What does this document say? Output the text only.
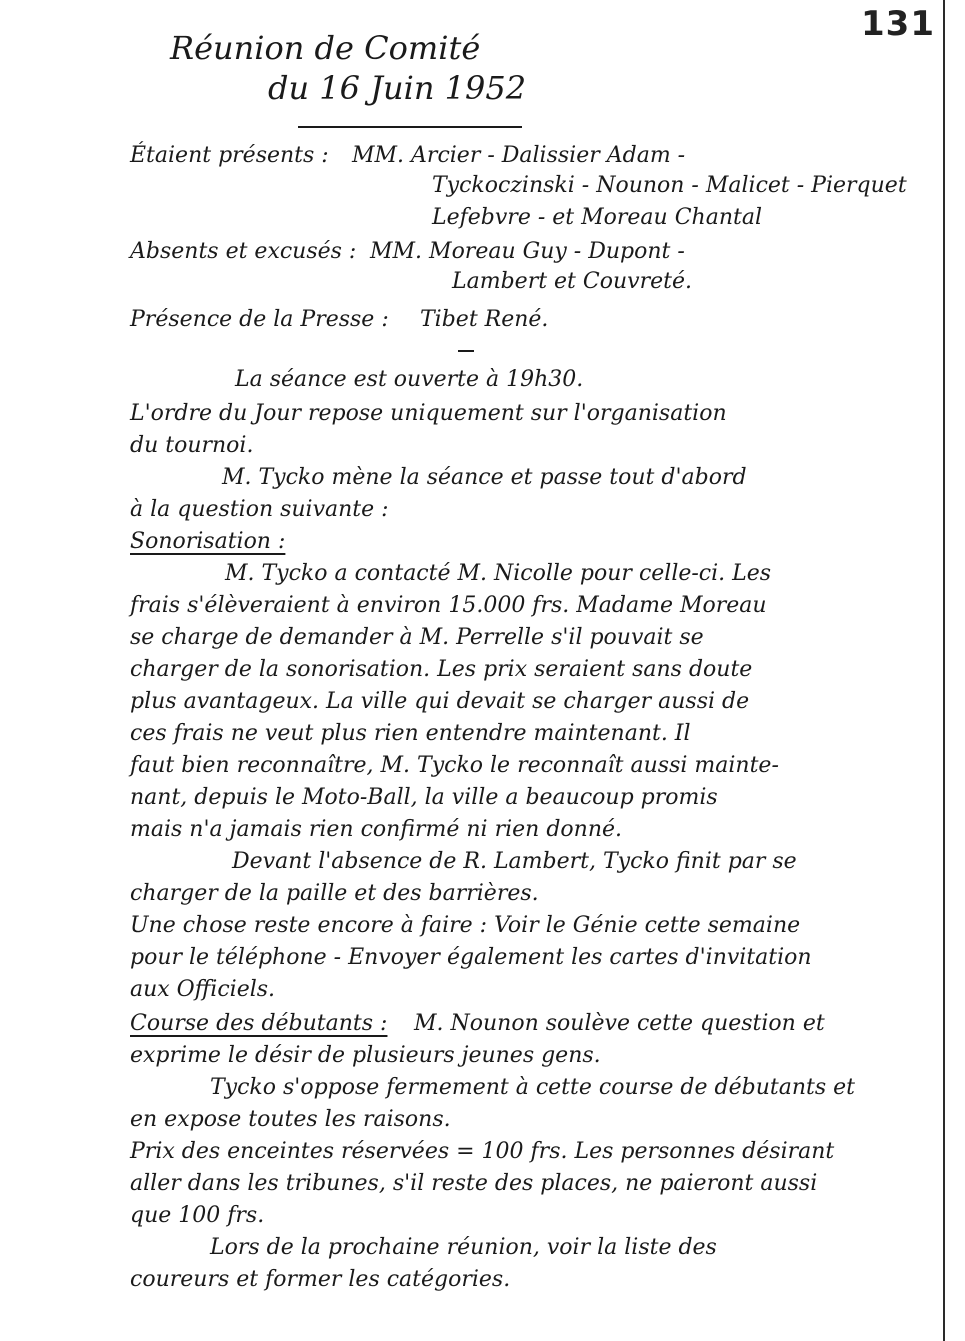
131
Réunion de Comité
du 16 Juin 1952
Étaient présents : MM. Arcier - Dalissier Adam -
Tyckoczinski - Nounon - Malicet - Pierquet
Lefebvre - et Moreau Chantal
Absents et excusés : MM. Moreau Guy - Dupont -
Lambert et Couvreté.
Présence de la Presse : Tibet René.
La séance est ouverte à 19h30.
L'ordre du Jour repose uniquement sur l'organisation
du tournoi.
M. Tycko mène la séance et passe tout d'abord
à la question suivante :
Sonorisation :
M. Tycko a contacté M. Nicolle pour celle-ci. Les
frais s'élèveraient à environ 15.000 frs. Madame Moreau
se charge de demander à M. Perrelle s'il pouvait se
charger de la sonorisation. Les prix seraient sans doute
plus avantageux. La ville qui devait se charger aussi de
ces frais ne veut plus rien entendre maintenant. Il
faut bien reconnaître, M. Tycko le reconnaît aussi mainte-
nant, depuis le Moto-Ball, la ville a beaucoup promis
mais n'a jamais rien confirmé ni rien donné.
Devant l'absence de R. Lambert, Tycko finit par se
charger de la paille et des barrières.
Une chose reste encore à faire : Voir le Génie cette semaine
pour le téléphone - Envoyer également les cartes d'invitation
aux Officiels.
Course des débutants : M. Nounon soulève cette question et
exprime le désir de plusieurs jeunes gens.
Tycko s'oppose fermement à cette course de débutants et
en expose toutes les raisons.
Prix des enceintes réservées = 100 frs. Les personnes désirant
aller dans les tribunes, s'il reste des places, ne paieront aussi
que 100 frs.
Lors de la prochaine réunion, voir la liste des
coureurs et former les catégories.
